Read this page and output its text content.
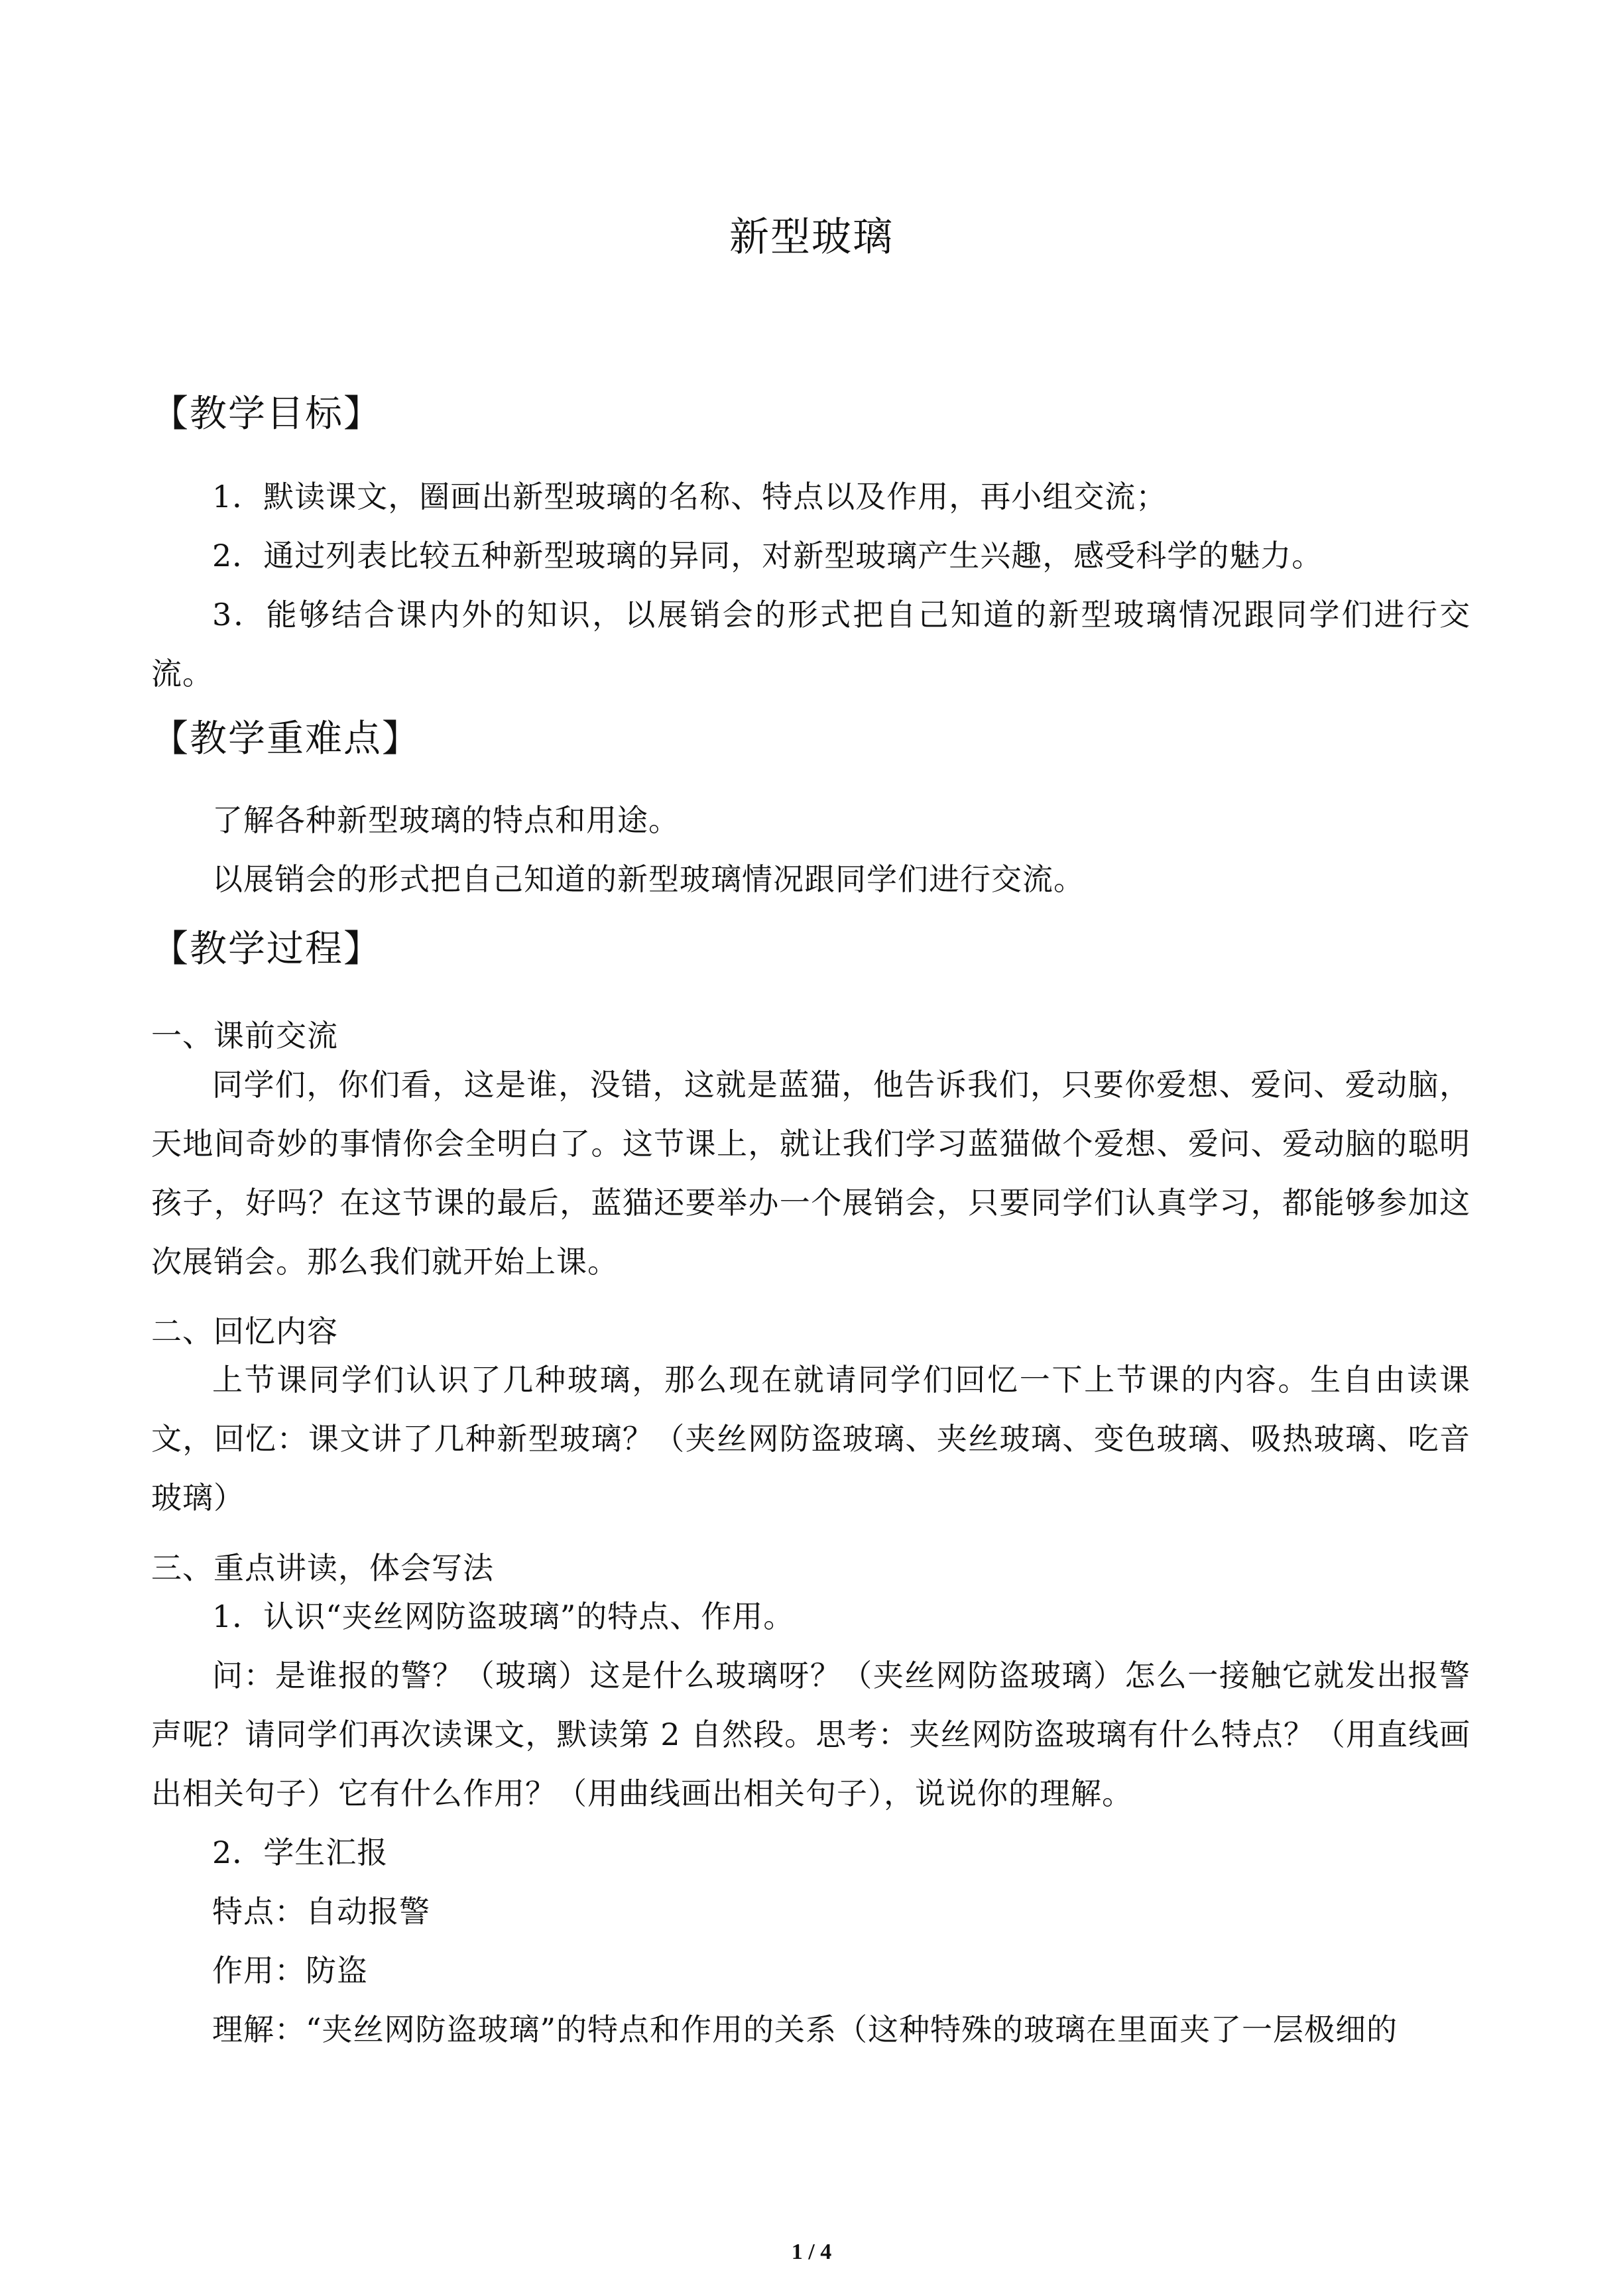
新型玻璃
【教学目标】
1．默读课文，圈画出新型玻璃的名称、特点以及作用，再小组交流；
2．通过列表比较五种新型玻璃的异同，对新型玻璃产生兴趣，感受科学的魅力。
3．能够结合课内外的知识，以展销会的形式把自己知道的新型玻璃情况跟同学们进行交流。
【教学重难点】
了解各种新型玻璃的特点和用途。
以展销会的形式把自己知道的新型玻璃情况跟同学们进行交流。
【教学过程】
一、课前交流
同学们，你们看，这是谁，没错，这就是蓝猫，他告诉我们，只要你爱想、爱问、爱动脑，天地间奇妙的事情你会全明白了。这节课上，就让我们学习蓝猫做个爱想、爱问、爱动脑的聪明孩子，好吗？在这节课的最后，蓝猫还要举办一个展销会，只要同学们认真学习，都能够参加这次展销会。那么我们就开始上课。
二、回忆内容
上节课同学们认识了几种玻璃，那么现在就请同学们回忆一下上节课的内容。生自由读课文，回忆：课文讲了几种新型玻璃？（夹丝网防盗玻璃、夹丝玻璃、变色玻璃、吸热玻璃、吃音玻璃）
三、重点讲读，体会写法
1．认识“夹丝网防盗玻璃”的特点、作用。
问：是谁报的警？（玻璃）这是什么玻璃呀？（夹丝网防盗玻璃）怎么一接触它就发出报警声呢？请同学们再次读课文，默读第 2 自然段。思考：夹丝网防盗玻璃有什么特点？（用直线画出相关句子）它有什么作用？（用曲线画出相关句子），说说你的理解。
2．学生汇报
特点：自动报警
作用：防盗
理解：“夹丝网防盗玻璃”的特点和作用的关系（这种特殊的玻璃在里面夹了一层极细的
1 / 4
